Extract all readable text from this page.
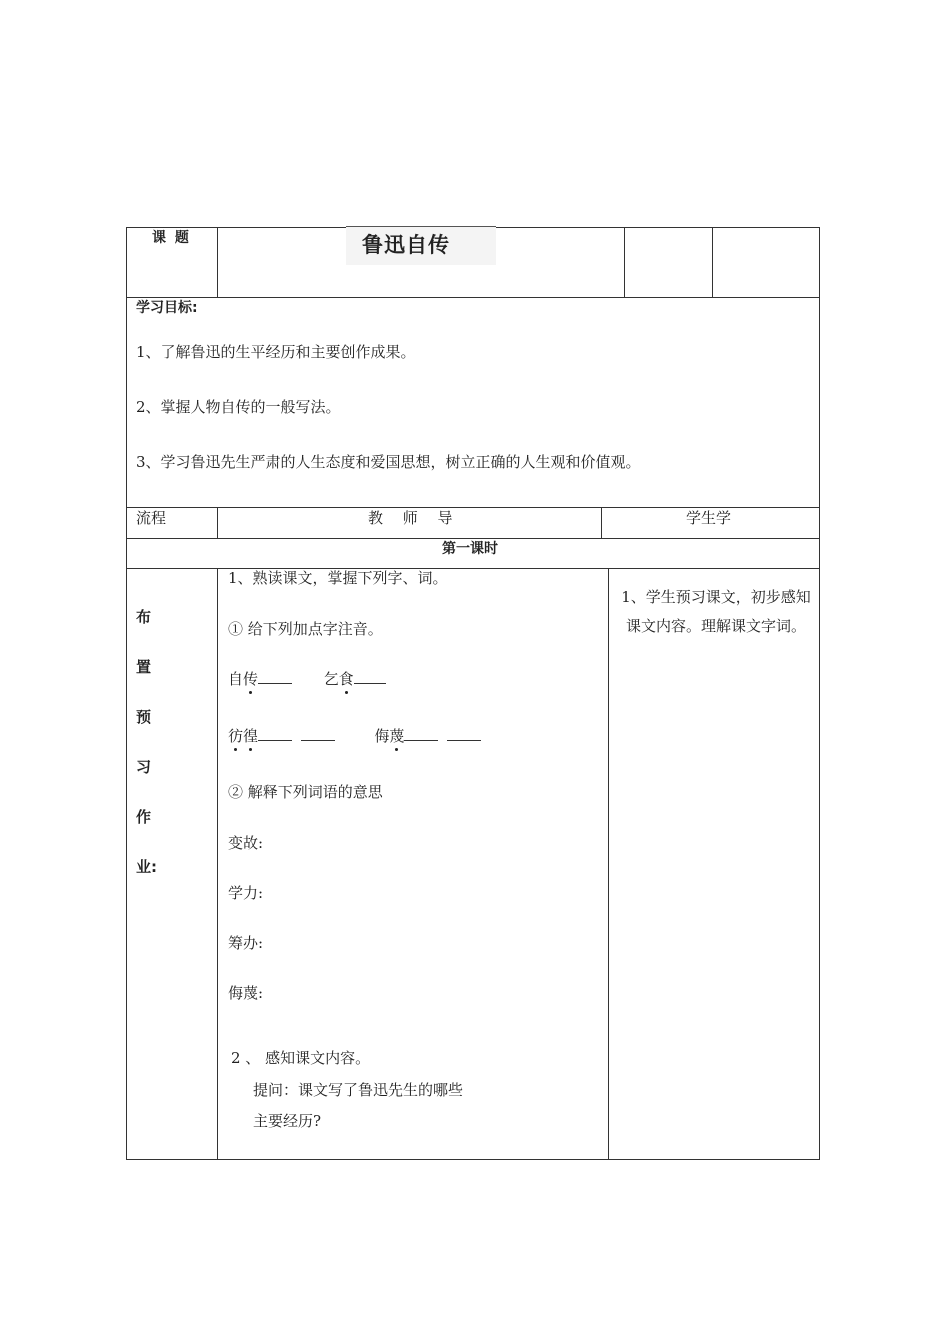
课 题	鲁迅自传
学习目标:
1、了解鲁迅的生平经历和主要创作成果。
2、掌握人物自传的一般写法。
3、学习鲁迅先生严肃的人生态度和爱国思想，树立正确的人生观和价值观。
流程	教　 师　 导	学生学
第一课时
布
置
预
习
作
业:
1、熟读课文，掌握下列字、词。
① 给下列加点字注音。
自传	乞食
彷徨	侮蔑
② 解释下列词语的意思
变故:
学力:
筹办:
侮蔑:
2 、 感知课文内容。
提问：课文写了鲁迅先生的哪些
主要经历?
1、学生预习课文，初步感知课文内容。理解课文字词。
